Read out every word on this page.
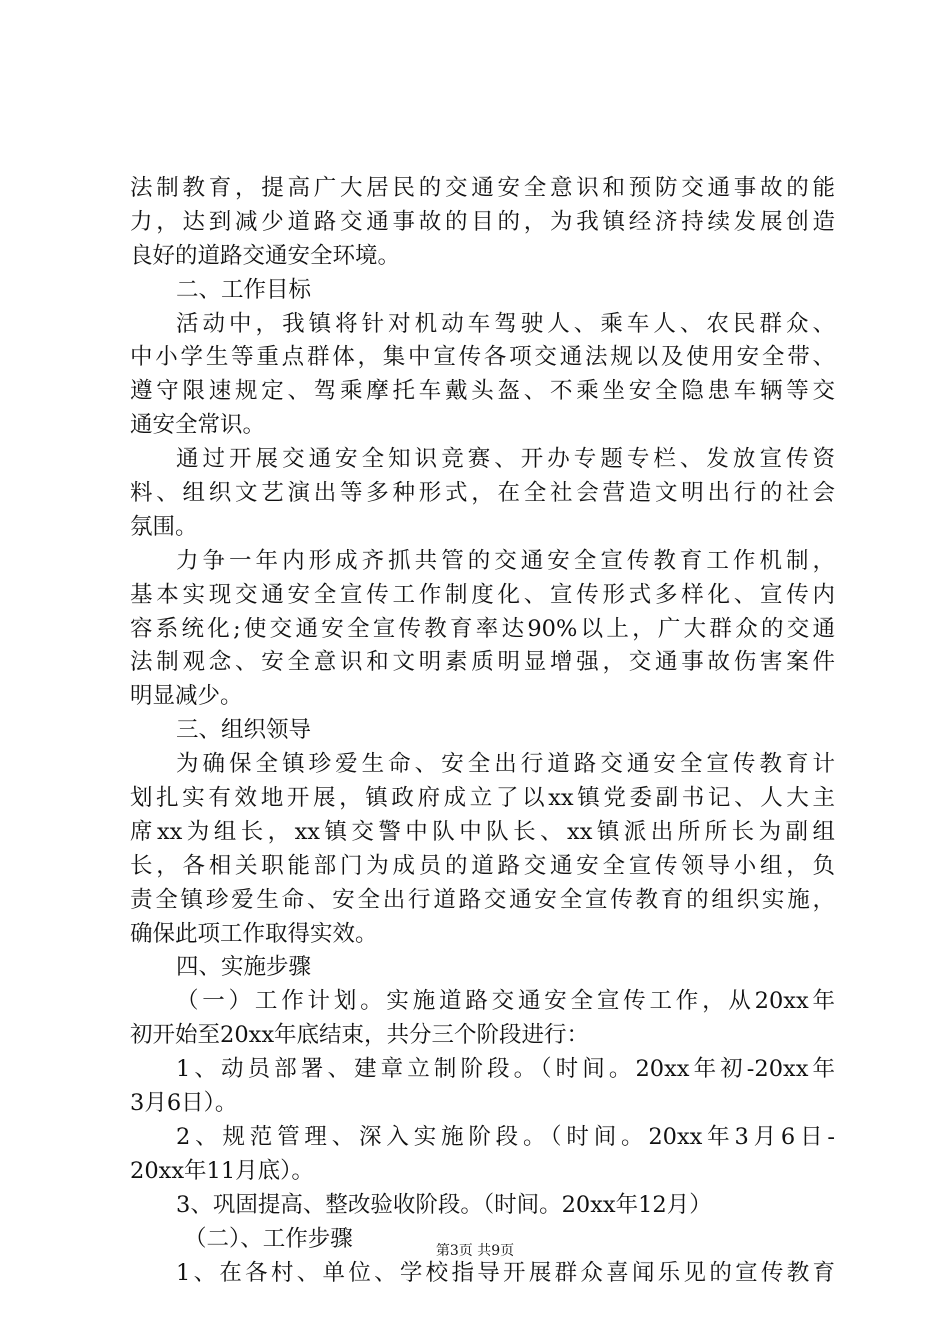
法制教育，提高广大居民的交通安全意识和预防交通事故的能
力，达到减少道路交通事故的目的，为我镇经济持续发展创造
良好的道路交通安全环境。
二、工作目标
活动中，我镇将针对机动车驾驶人、乘车人、农民群众、
中小学生等重点群体，集中宣传各项交通法规以及使用安全带、
遵守限速规定、驾乘摩托车戴头盔、不乘坐安全隐患车辆等交
通安全常识。
通过开展交通安全知识竞赛、开办专题专栏、发放宣传资
料、组织文艺演出等多种形式，在全社会营造文明出行的社会
氛围。
力争一年内形成齐抓共管的交通安全宣传教育工作机制，
基本实现交通安全宣传工作制度化、宣传形式多样化、宣传内
容系统化;使交通安全宣传教育率达90%以上，广大群众的交通
法制观念、安全意识和文明素质明显增强，交通事故伤害案件
明显减少。
三、组织领导
为确保全镇珍爱生命、安全出行道路交通安全宣传教育计
划扎实有效地开展，镇政府成立了以xx镇党委副书记、人大主
席xx为组长，xx镇交警中队中队长、xx镇派出所所长为副组
长，各相关职能部门为成员的道路交通安全宣传领导小组，负
责全镇珍爱生命、安全出行道路交通安全宣传教育的组织实施，
确保此项工作取得实效。
四、实施步骤
（一）工作计划。实施道路交通安全宣传工作，从20xx年
初开始至20xx年底结束，共分三个阶段进行：
1、动员部署、建章立制阶段。（时间。20xx年初-20xx年
3月6日）。
2、规范管理、深入实施阶段。（时间。20xx年3月6日-
20xx年11月底）。
3、巩固提高、整改验收阶段。（时间。20xx年12月）
（二）、工作步骤
1、在各村、单位、学校指导开展群众喜闻乐见的宣传教育
第3页 共9页
